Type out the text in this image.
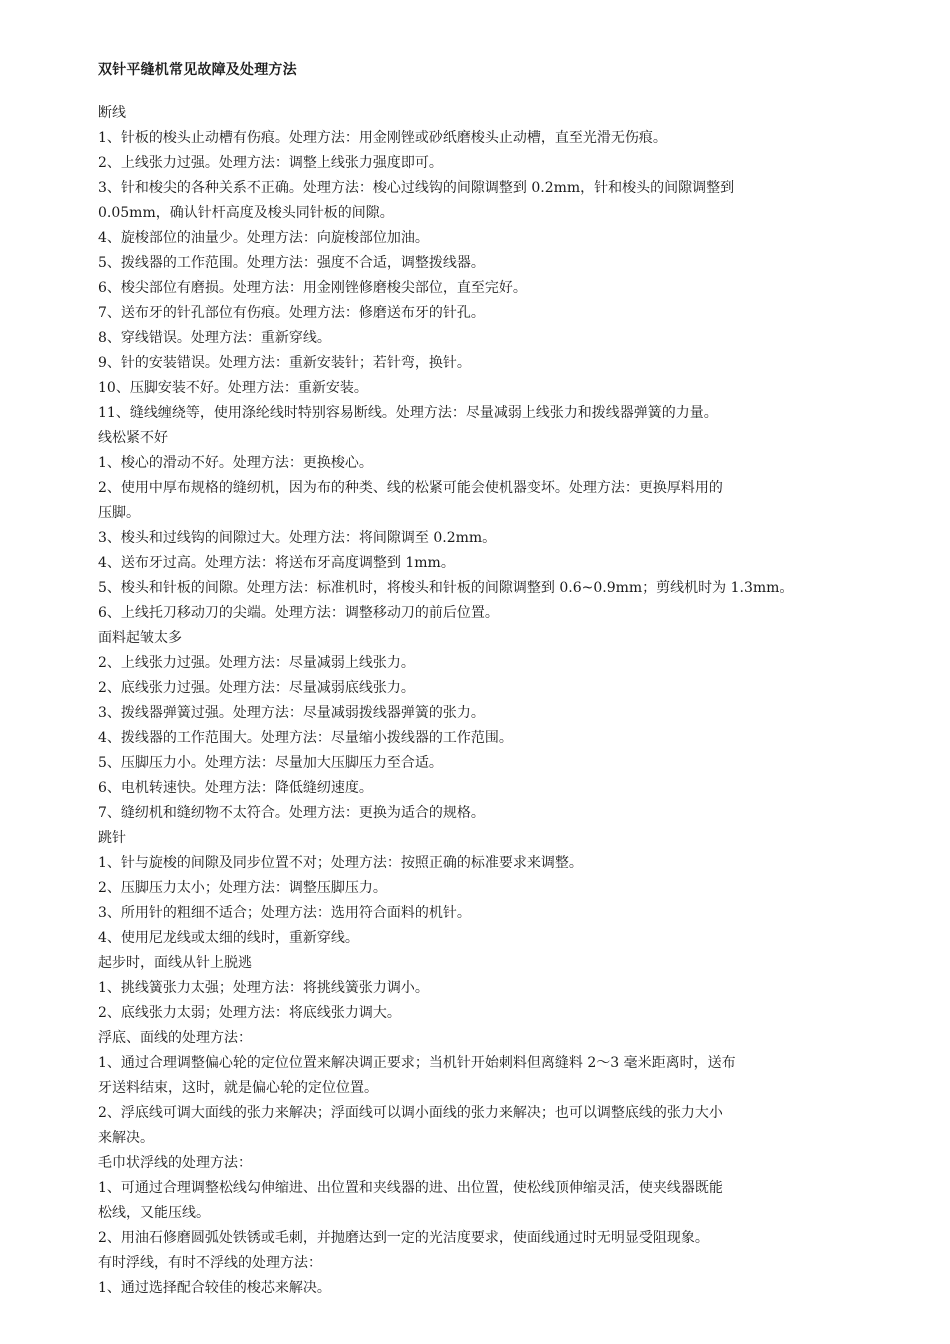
双针平缝机常见故障及处理方法
断线
1、针板的梭头止动槽有伤痕。处理方法：用金刚锉或砂纸磨梭头止动槽，直至光滑无伤痕。
2、上线张力过强。处理方法：调整上线张力强度即可。
3、针和梭尖的各种关系不正确。处理方法：梭心过线钩的间隙调整到 0.2mm，针和梭头的间隙调整到
0.05mm，确认针杆高度及梭头同针板的间隙。
4、旋梭部位的油量少。处理方法：向旋梭部位加油。
5、拨线器的工作范围。处理方法：强度不合适，调整拨线器。
6、梭尖部位有磨损。处理方法：用金刚锉修磨梭尖部位，直至完好。
7、送布牙的针孔部位有伤痕。处理方法：修磨送布牙的针孔。
8、穿线错误。处理方法：重新穿线。
9、针的安装错误。处理方法：重新安装针；若针弯，换针。
10、压脚安装不好。处理方法：重新安装。
11、缝线缠绕等，使用涤纶线时特别容易断线。处理方法：尽量减弱上线张力和拨线器弹簧的力量。
线松紧不好
1、梭心的滑动不好。处理方法：更换梭心。
2、使用中厚布规格的缝纫机，因为布的种类、线的松紧可能会使机器变坏。处理方法：更换厚料用的
压脚。
3、梭头和过线钩的间隙过大。处理方法：将间隙调至 0.2mm。
4、送布牙过高。处理方法：将送布牙高度调整到 1mm。
5、梭头和针板的间隙。处理方法：标准机时，将梭头和针板的间隙调整到 0.6~0.9mm；剪线机时为 1.3mm。
6、上线托刀移动刀的尖端。处理方法：调整移动刀的前后位置。
面料起皱太多
2、上线张力过强。处理方法：尽量减弱上线张力。
2、底线张力过强。处理方法：尽量减弱底线张力。
3、拨线器弹簧过强。处理方法：尽量减弱拨线器弹簧的张力。
4、拨线器的工作范围大。处理方法：尽量缩小拨线器的工作范围。
5、压脚压力小。处理方法：尽量加大压脚压力至合适。
6、电机转速快。处理方法：降低缝纫速度。
7、缝纫机和缝纫物不太符合。处理方法：更换为适合的规格。
跳针
1、针与旋梭的间隙及同步位置不对；处理方法：按照正确的标准要求来调整。
2、压脚压力太小；处理方法：调整压脚压力。
3、所用针的粗细不适合；处理方法：选用符合面料的机针。
4、使用尼龙线或太细的线时，重新穿线。
起步时，面线从针上脱逃
1、挑线簧张力太强；处理方法：将挑线簧张力调小。
2、底线张力太弱；处理方法：将底线张力调大。
浮底、面线的处理方法：
1、通过合理调整偏心轮的定位位置来解决调正要求；当机针开始刺料但离缝料 2～3 毫米距离时，送布
牙送料结束，这时，就是偏心轮的定位位置。
2、浮底线可调大面线的张力来解决；浮面线可以调小面线的张力来解决；也可以调整底线的张力大小
来解决。
毛巾状浮线的处理方法：
1、可通过合理调整松线勾伸缩进、出位置和夹线器的进、出位置，使松线顶伸缩灵活，使夹线器既能
松线，又能压线。
2、用油石修磨圆弧处铁锈或毛刺，并抛磨达到一定的光洁度要求，使面线通过时无明显受阻现象。
有时浮线，有时不浮线的处理方法：
1、通过选择配合较佳的梭芯来解决。
